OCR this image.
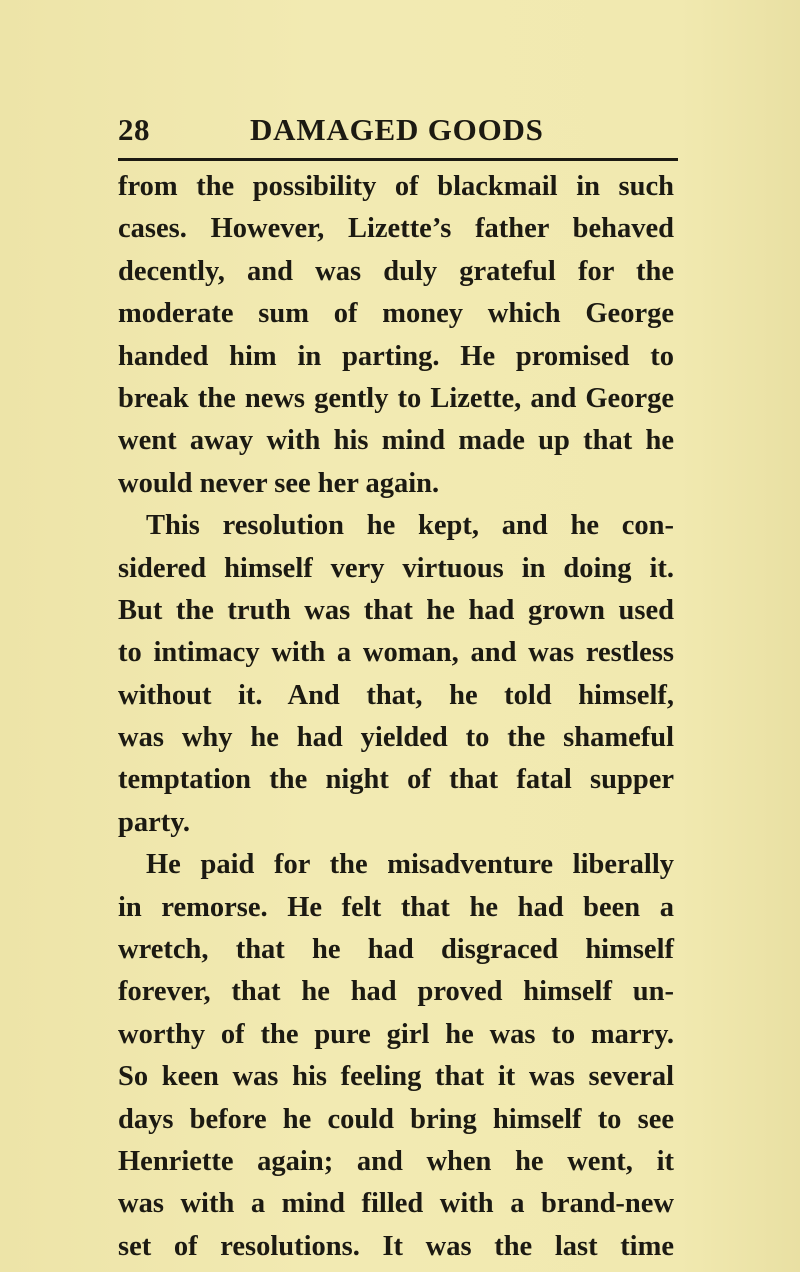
28	DAMAGED GOODS
from the possibility of blackmail in such
cases. However, Lizette’s father behaved
decently, and was duly grateful for the
moderate sum of money which George
handed him in parting. He promised to
break the news gently to Lizette, and George
went away with his mind made up that he
would never see her again.
This resolution he kept, and he con-
sidered himself very virtuous in doing it.
But the truth was that he had grown used
to intimacy with a woman, and was restless
without it. And that, he told himself,
was why he had yielded to the shameful
temptation the night of that fatal supper
party.
He paid for the misadventure liberally
in remorse. He felt that he had been a
wretch, that he had disgraced himself
forever, that he had proved himself un-
worthy of the pure girl he was to marry.
So keen was his feeling that it was several
days before he could bring himself to see
Henriette again; and when he went, it
was with a mind filled with a brand-new
set of resolutions. It was the last time
